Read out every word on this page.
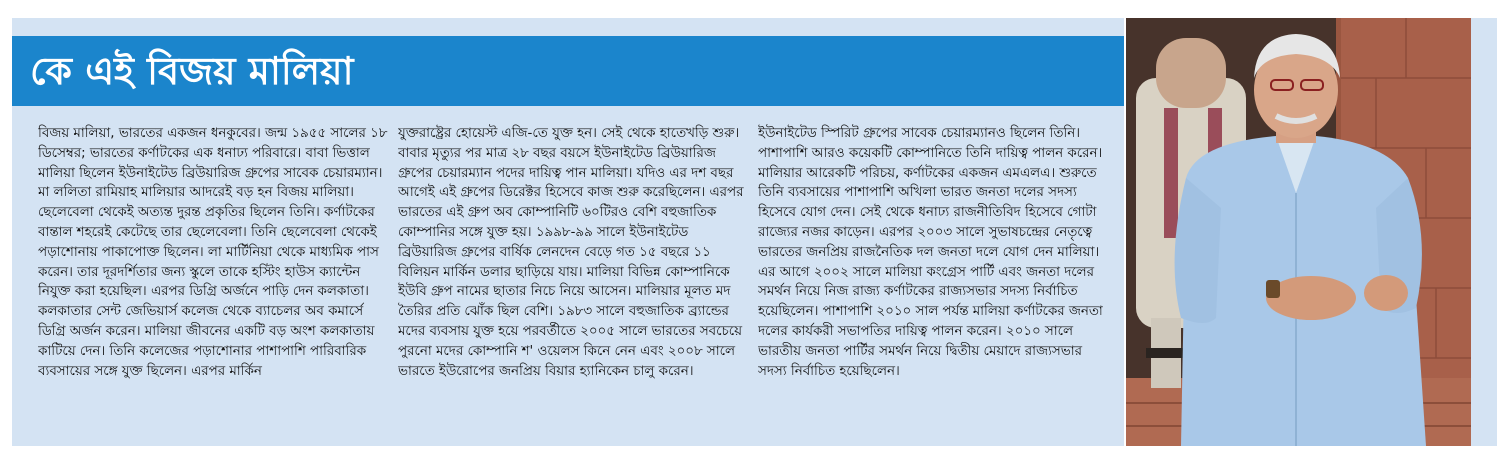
কে এই বিজয় মালিয়া

বিজয় মালিয়া, ভারতের একজন ধনকুবের। জন্ম ১৯৫৫ সালের ১৮ ডিসেম্বর; ভারতের কর্ণাটকের এক ধনাঢ্য পরিবারে। বাবা ভিত্তাল মালিয়া ছিলেন ইউনাইটেড ব্রিউয়ারিজ গ্রুপের সাবেক চেয়ারম্যান। মা ললিতা রামিয়াহ মালিয়ার আদরেই বড় হন বিজয় মালিয়া। ছেলেবেলা থেকেই অত্যন্ত দুরন্ত প্রকৃতির ছিলেন তিনি। কর্ণাটকের বান্তাল শহরেই কেটেছে তার ছেলেবেলা। তিনি ছেলেবেলা থেকেই পড়াশোনায় পাকাপোক্ত ছিলেন। লা মার্টিনিয়া থেকে মাধ্যমিক পাস করেন। তার দূরদর্শিতার জন্য স্কুলে তাকে হস্টিং হাউস ক্যান্টেন নিযুক্ত করা হয়েছিল। এরপর ডিগ্রি অর্জনে পাড়ি দেন কলকাতা। কলকাতার সেন্ট জেভিয়ার্স কলেজ থেকে ব্যাচেলর অব কমার্সে ডিগ্রি অর্জন করেন। মালিয়া জীবনের একটি বড় অংশ কলকাতায় কাটিয়ে দেন। তিনি কলেজের পড়াশোনার পাশাপাশি পারিবারিক ব্যবসায়ের সঙ্গে যুক্ত ছিলেন। এরপর মার্কিন

যুক্তরাষ্ট্রের হোয়েস্ট এজি-তে যুক্ত হন। সেই থেকে হাতেখড়ি শুরু। বাবার মৃত্যুর পর মাত্র ২৮ বছর বয়সে ইউনাইটেড ব্রিউয়ারিজ গ্রুপের চেয়ারম্যান পদের দায়িত্ব পান মালিয়া। যদিও এর দশ বছর আগেই এই গ্রুপের ডিরেক্টর হিসেবে কাজ শুরু করেছিলেন। এরপর ভারতের এই গ্রুপ অব কোম্পানিটি ৬০টিরও বেশি বহুজাতিক কোম্পানির সঙ্গে যুক্ত হয়। ১৯৯৮-৯৯ সালে ইউনাইটেড ব্রিউয়ারিজ গ্রুপের বার্ষিক লেনদেন বেড়ে গত ১৫ বছরে ১১ বিলিয়ন মার্কিন ডলার ছাড়িয়ে যায়। মালিয়া বিভিন্ন কোম্পানিকে ইউবি গ্রুপ নামের ছাতার নিচে নিয়ে আসেন। মালিয়ার মূলত মদ তৈরির প্রতি ঝোঁক ছিল বেশি। ১৯৮৩ সালে বহুজাতিক ব্র্যান্ডের মদের ব্যবসায় যুক্ত হয়ে পরবর্তীতে ২০০৫ সালে ভারতের সবচেয়ে পুরনো মদের কোম্পানি শ' ওয়েলস কিনে নেন এবং ২০০৮ সালে ভারতে ইউরোপের জনপ্রিয় বিয়ার হ্যানিকেন চালু করেন।

ইউনাইটেড স্পিরিট গ্রুপের সাবেক চেয়ারম্যানও ছিলেন তিনি। পাশাপাশি আরও কয়েকটি কোম্পানিতে তিনি দায়িত্ব পালন করেন। মালিয়ার আরেকটি পরিচয়, কর্ণাটকের একজন এমএলএ। শুরুতে তিনি ব্যবসায়ের পাশাপাশি অখিলা ভারত জনতা দলের সদস্য হিসেবে যোগ দেন। সেই থেকে ধনাঢ্য রাজনীতিবিদ হিসেবে গোটা রাজ্যের নজর কাড়েন। এরপর ২০০৩ সালে সুভাষচন্দ্রের নেতৃত্বে ভারতের জনপ্রিয় রাজনৈতিক দল জনতা দলে যোগ দেন মালিয়া। এর আগে ২০০২ সালে মালিয়া কংগ্রেস পার্টি এবং জনতা দলের সমর্থন নিয়ে নিজ রাজ্য কর্ণাটকের রাজ্যসভার সদস্য নির্বাচিত হয়েছিলেন। পাশাপাশি ২০১০ সাল পর্যন্ত মালিয়া কর্ণাটকের জনতা দলের কার্যকরী সভাপতির দায়িত্ব পালন করেন। ২০১০ সালে ভারতীয় জনতা পার্টির সমর্থন নিয়ে দ্বিতীয় মেয়াদে রাজ্যসভার সদস্য নির্বাচিত হয়েছিলেন।
